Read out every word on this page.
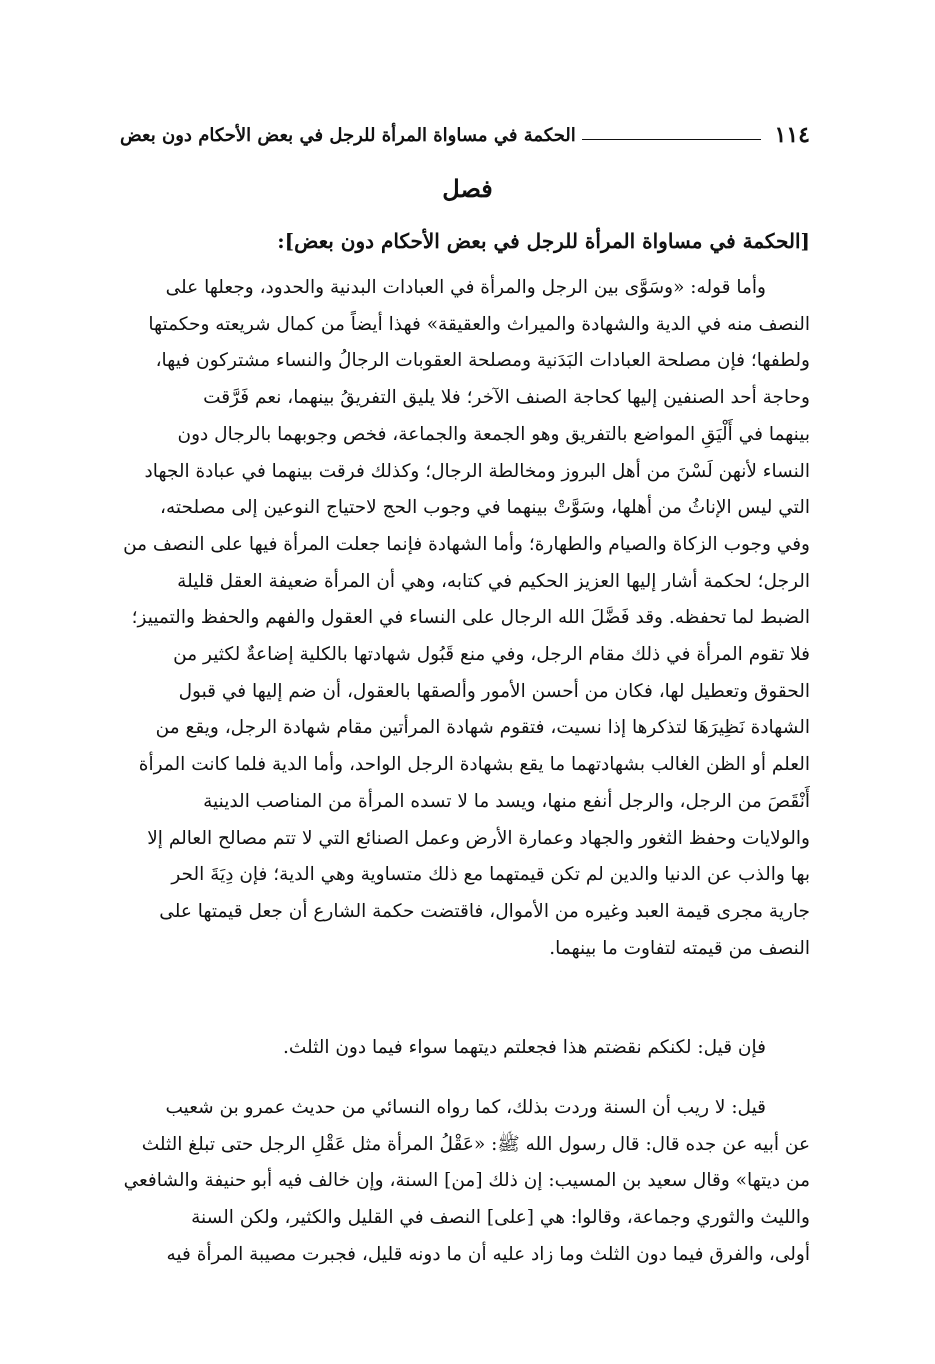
١١٤
الحكمة في مساواة المرأة للرجل في بعض الأحكام دون بعض
فصل
[الحكمة في مساواة المرأة للرجل في بعض الأحكام دون بعض]:
وأما قوله: «وسَوَّى بين الرجل والمرأة في العبادات البدنية والحدود، وجعلها على
النصف منه في الدية والشهادة والميراث والعقيقة» فهذا أيضاً من كمال شريعته وحكمتها
ولطفها؛ فإن مصلحة العبادات البَدَنية ومصلحة العقوبات الرجالُ والنساء مشتركون فيها،
وحاجة أحد الصنفين إليها كحاجة الصنف الآخر؛ فلا يليق التفريقُ بينهما، نعم فَرَّقت
بينهما في أَلْيَقِ المواضع بالتفريق وهو الجمعة والجماعة، فخص وجوبهما بالرجال دون
النساء لأنهن لَسْنَ من أهل البروز ومخالطة الرجال؛ وكذلك فرقت بينهما في عبادة الجهاد
التي ليس الإناثُ من أهلها، وسَوَّتْ بينهما في وجوب الحج لاحتياج النوعين إلى مصلحته،
وفي وجوب الزكاة والصيام والطهارة؛ وأما الشهادة فإنما جعلت المرأة فيها على النصف من
الرجل؛ لحكمة أشار إليها العزيز الحكيم في كتابه، وهي أن المرأة ضعيفة العقل قليلة
الضبط لما تحفظه. وقد فَضَّلَ الله الرجال على النساء في العقول والفهم والحفظ والتمييز؛
فلا تقوم المرأة في ذلك مقام الرجل، وفي منع قَبُول شهادتها بالكلية إضاعةٌ لكثير من
الحقوق وتعطيل لها، فكان من أحسن الأمور وألصقها بالعقول، أن ضم إليها في قبول
الشهادة نَظِيرَهَا لتذكرها إذا نسيت، فتقوم شهادة المرأتين مقام شهادة الرجل، ويقع من
العلم أو الظن الغالب بشهادتهما ما يقع بشهادة الرجل الواحد، وأما الدية فلما كانت المرأة
أَنْقَصَ من الرجل، والرجل أنفع منها، ويسد ما لا تسده المرأة من المناصب الدينية
والولايات وحفظ الثغور والجهاد وعمارة الأرض وعمل الصنائع التي لا تتم مصالح العالم إلا
بها والذب عن الدنيا والدين لم تكن قيمتهما مع ذلك متساوية وهي الدية؛ فإن دِيَةَ الحر
جارية مجرى قيمة العبد وغيره من الأموال، فاقتضت حكمة الشارع أن جعل قيمتها على
النصف من قيمته لتفاوت ما بينهما.
فإن قيل: لكنكم نقضتم هذا فجعلتم ديتهما سواء فيما دون الثلث.
قيل: لا ريب أن السنة وردت بذلك، كما رواه النسائي من حديث عمرو بن شعيب
عن أبيه عن جده قال: قال رسول الله ﷺ: «عَقْلُ المرأة مثل عَقْلِ الرجل حتى تبلغ الثلث
من ديتها» وقال سعيد بن المسيب: إن ذلك [من] السنة، وإن خالف فيه أبو حنيفة والشافعي
والليث والثوري وجماعة، وقالوا: هي [على] النصف في القليل والكثير، ولكن السنة
أولى، والفرق فيما دون الثلث وما زاد عليه أن ما دونه قليل، فجبرت مصيبة المرأة فيه
